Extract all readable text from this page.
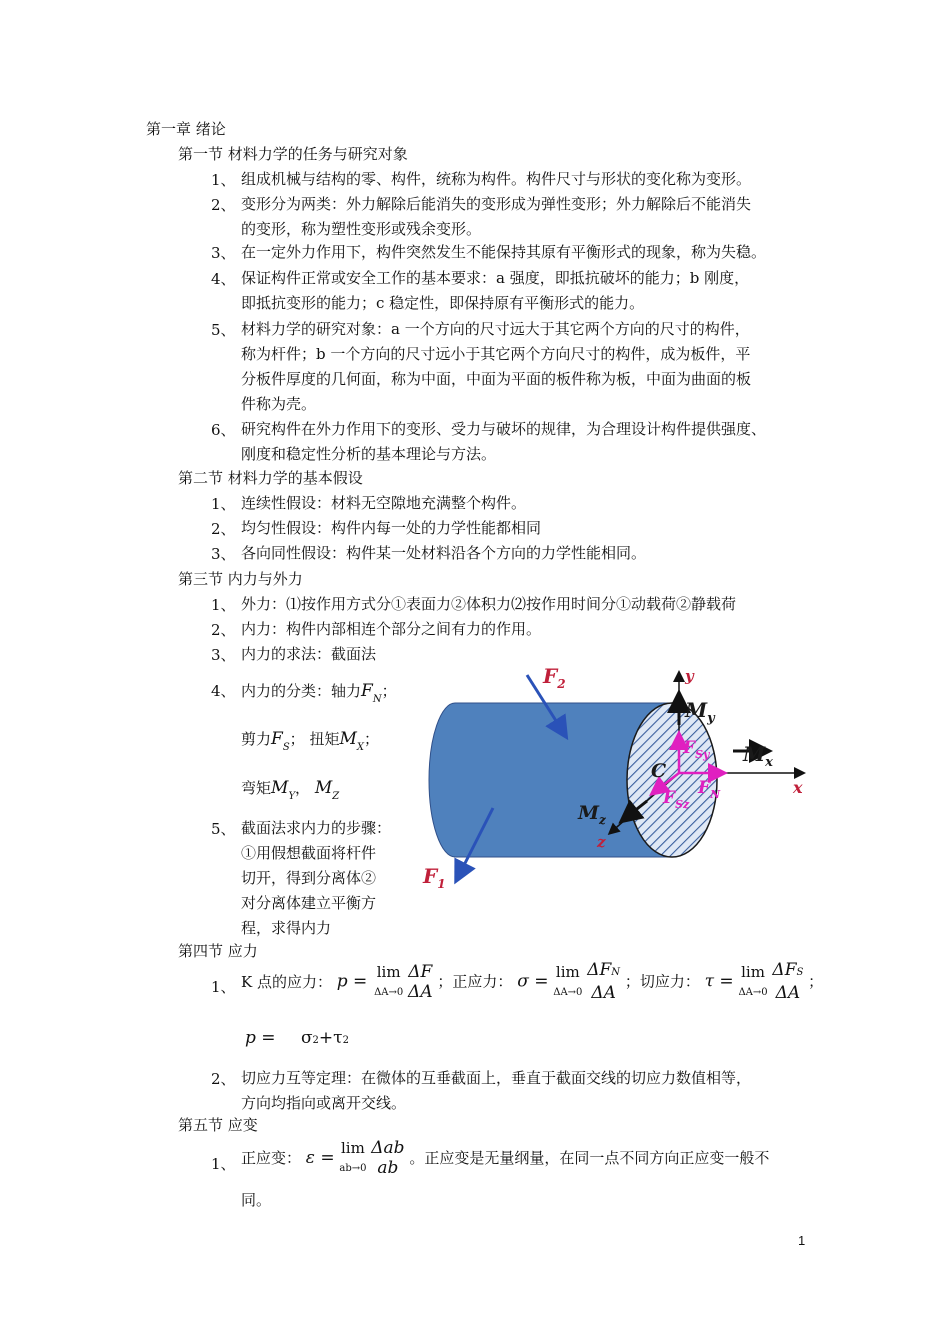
第一章 绪论
第一节 材料力学的任务与研究对象
1、 组成机械与结构的零、构件，统称为构件。构件尺寸与形状的变化称为变形。
2、 变形分为两类：外力解除后能消失的变形成为弹性变形；外力解除后不能消失
的变形，称为塑性变形或残余变形。
3、 在一定外力作用下，构件突然发生不能保持其原有平衡形式的现象，称为失稳。
4、 保证构件正常或安全工作的基本要求：a 强度，即抵抗破坏的能力；b 刚度，
即抵抗变形的能力；c 稳定性，即保持原有平衡形式的能力。
5、 材料力学的研究对象：a 一个方向的尺寸远大于其它两个方向的尺寸的构件，
称为杆件；b 一个方向的尺寸远小于其它两个方向尺寸的构件，成为板件，平
分板件厚度的几何面，称为中面，中面为平面的板件称为板，中面为曲面的板
件称为壳。
6、 研究构件在外力作用下的变形、受力与破坏的规律，为合理设计构件提供强度、
刚度和稳定性分析的基本理论与方法。
第二节 材料力学的基本假设
1、 连续性假设：材料无空隙地充满整个构件。
2、 均匀性假设：构件内每一处的力学性能都相同
3、 各向同性假设：构件某一处材料沿各个方向的力学性能相同。
第三节 内力与外力
1、 外力：⑴按作用方式分①表面力②体积力⑵按作用时间分①动载荷②静载荷
2、 内力：构件内部相连个部分之间有力的作用。
3、 内力的求法：截面法
4、 内力的分类：轴力$F_N$；
剪力$F_S$； 扭矩$M_X$；
弯矩$M_Y$， $M_Z$
5、 截面法求内力的步骤：
①用假想截面将杆件
切开，得到分离体②
对分离体建立平衡方
程，求得内力
$F_2$
$F_1$
y
x
z
$M_y$
$M_x$
$M_z$
$F_{Sy}$
$F_N$
$F_{Sz}$
C
第四节 应力
1、 K 点的应力： p = lim
ΔA→0

ΔF
ΔA ；正应力： σ = lim
ΔA→0

ΔFN
ΔA
；切应力： τ = lim
ΔA→0

ΔFS
ΔA
；
p = σ2+τ2
2、 切应力互等定理：在微体的互垂截面上，垂直于截面交线的切应力数值相等，
方向均指向或离开交线。
第五节 应变
1、 正应变： ε = lim
ab→0

Δab
ab 。正应变是无量纲量，在同一点不同方向正应变一般不
同。
1
